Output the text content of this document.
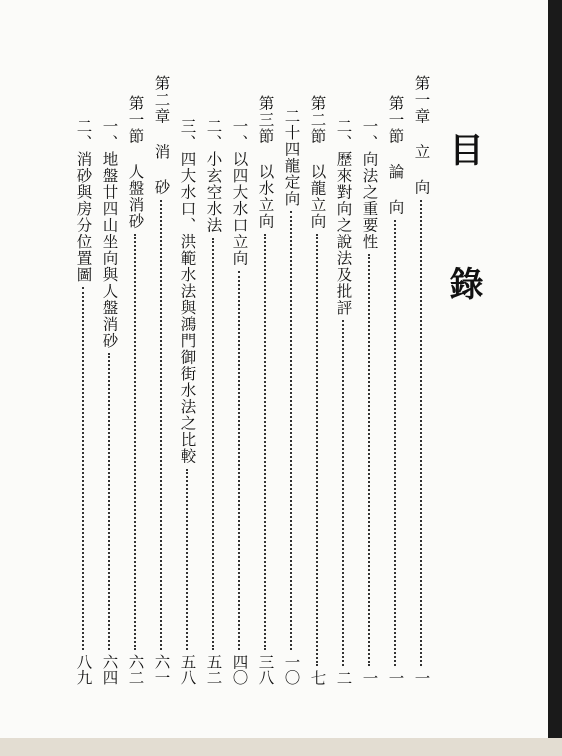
目 錄
第一章 立 向
一
第一節 論 向
一
一、向法之重要性
一
二、歷來對向之說法及批評
二
第二節 以龍立向
七
二十四龍定向
一〇
第三節 以水立向
三八
一、以四大水口立向
四〇
二、小玄空水法
五二
三、四大水口、洪範水法與鴻門御街水法之比較
五八
第二章 消 砂
六一
第一節 人盤消砂
六二
一、地盤廿四山坐向與人盤消砂
六四
二、消砂與房分位置圖
八九
